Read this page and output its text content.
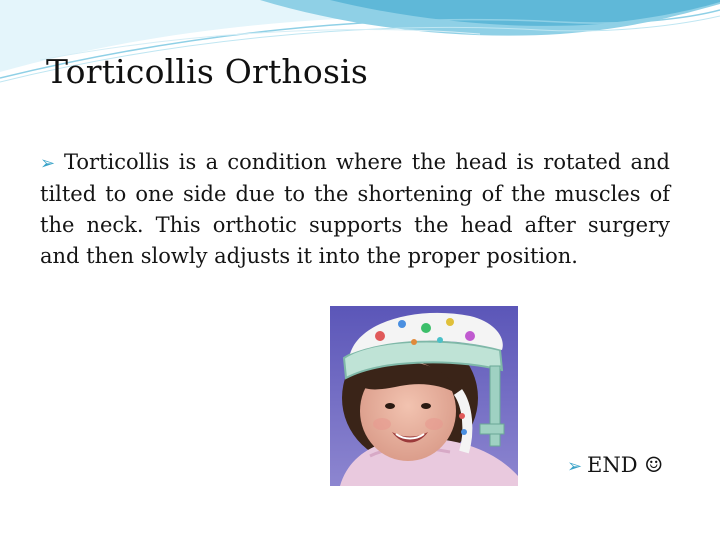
Torticollis Orthosis
➢ Torticollis is a condition where the head is rotated and tilted to one side due to the shortening of the muscles of the neck. This orthotic supports the head after surgery and then slowly adjusts it into the proper position.
➢ END ☺
